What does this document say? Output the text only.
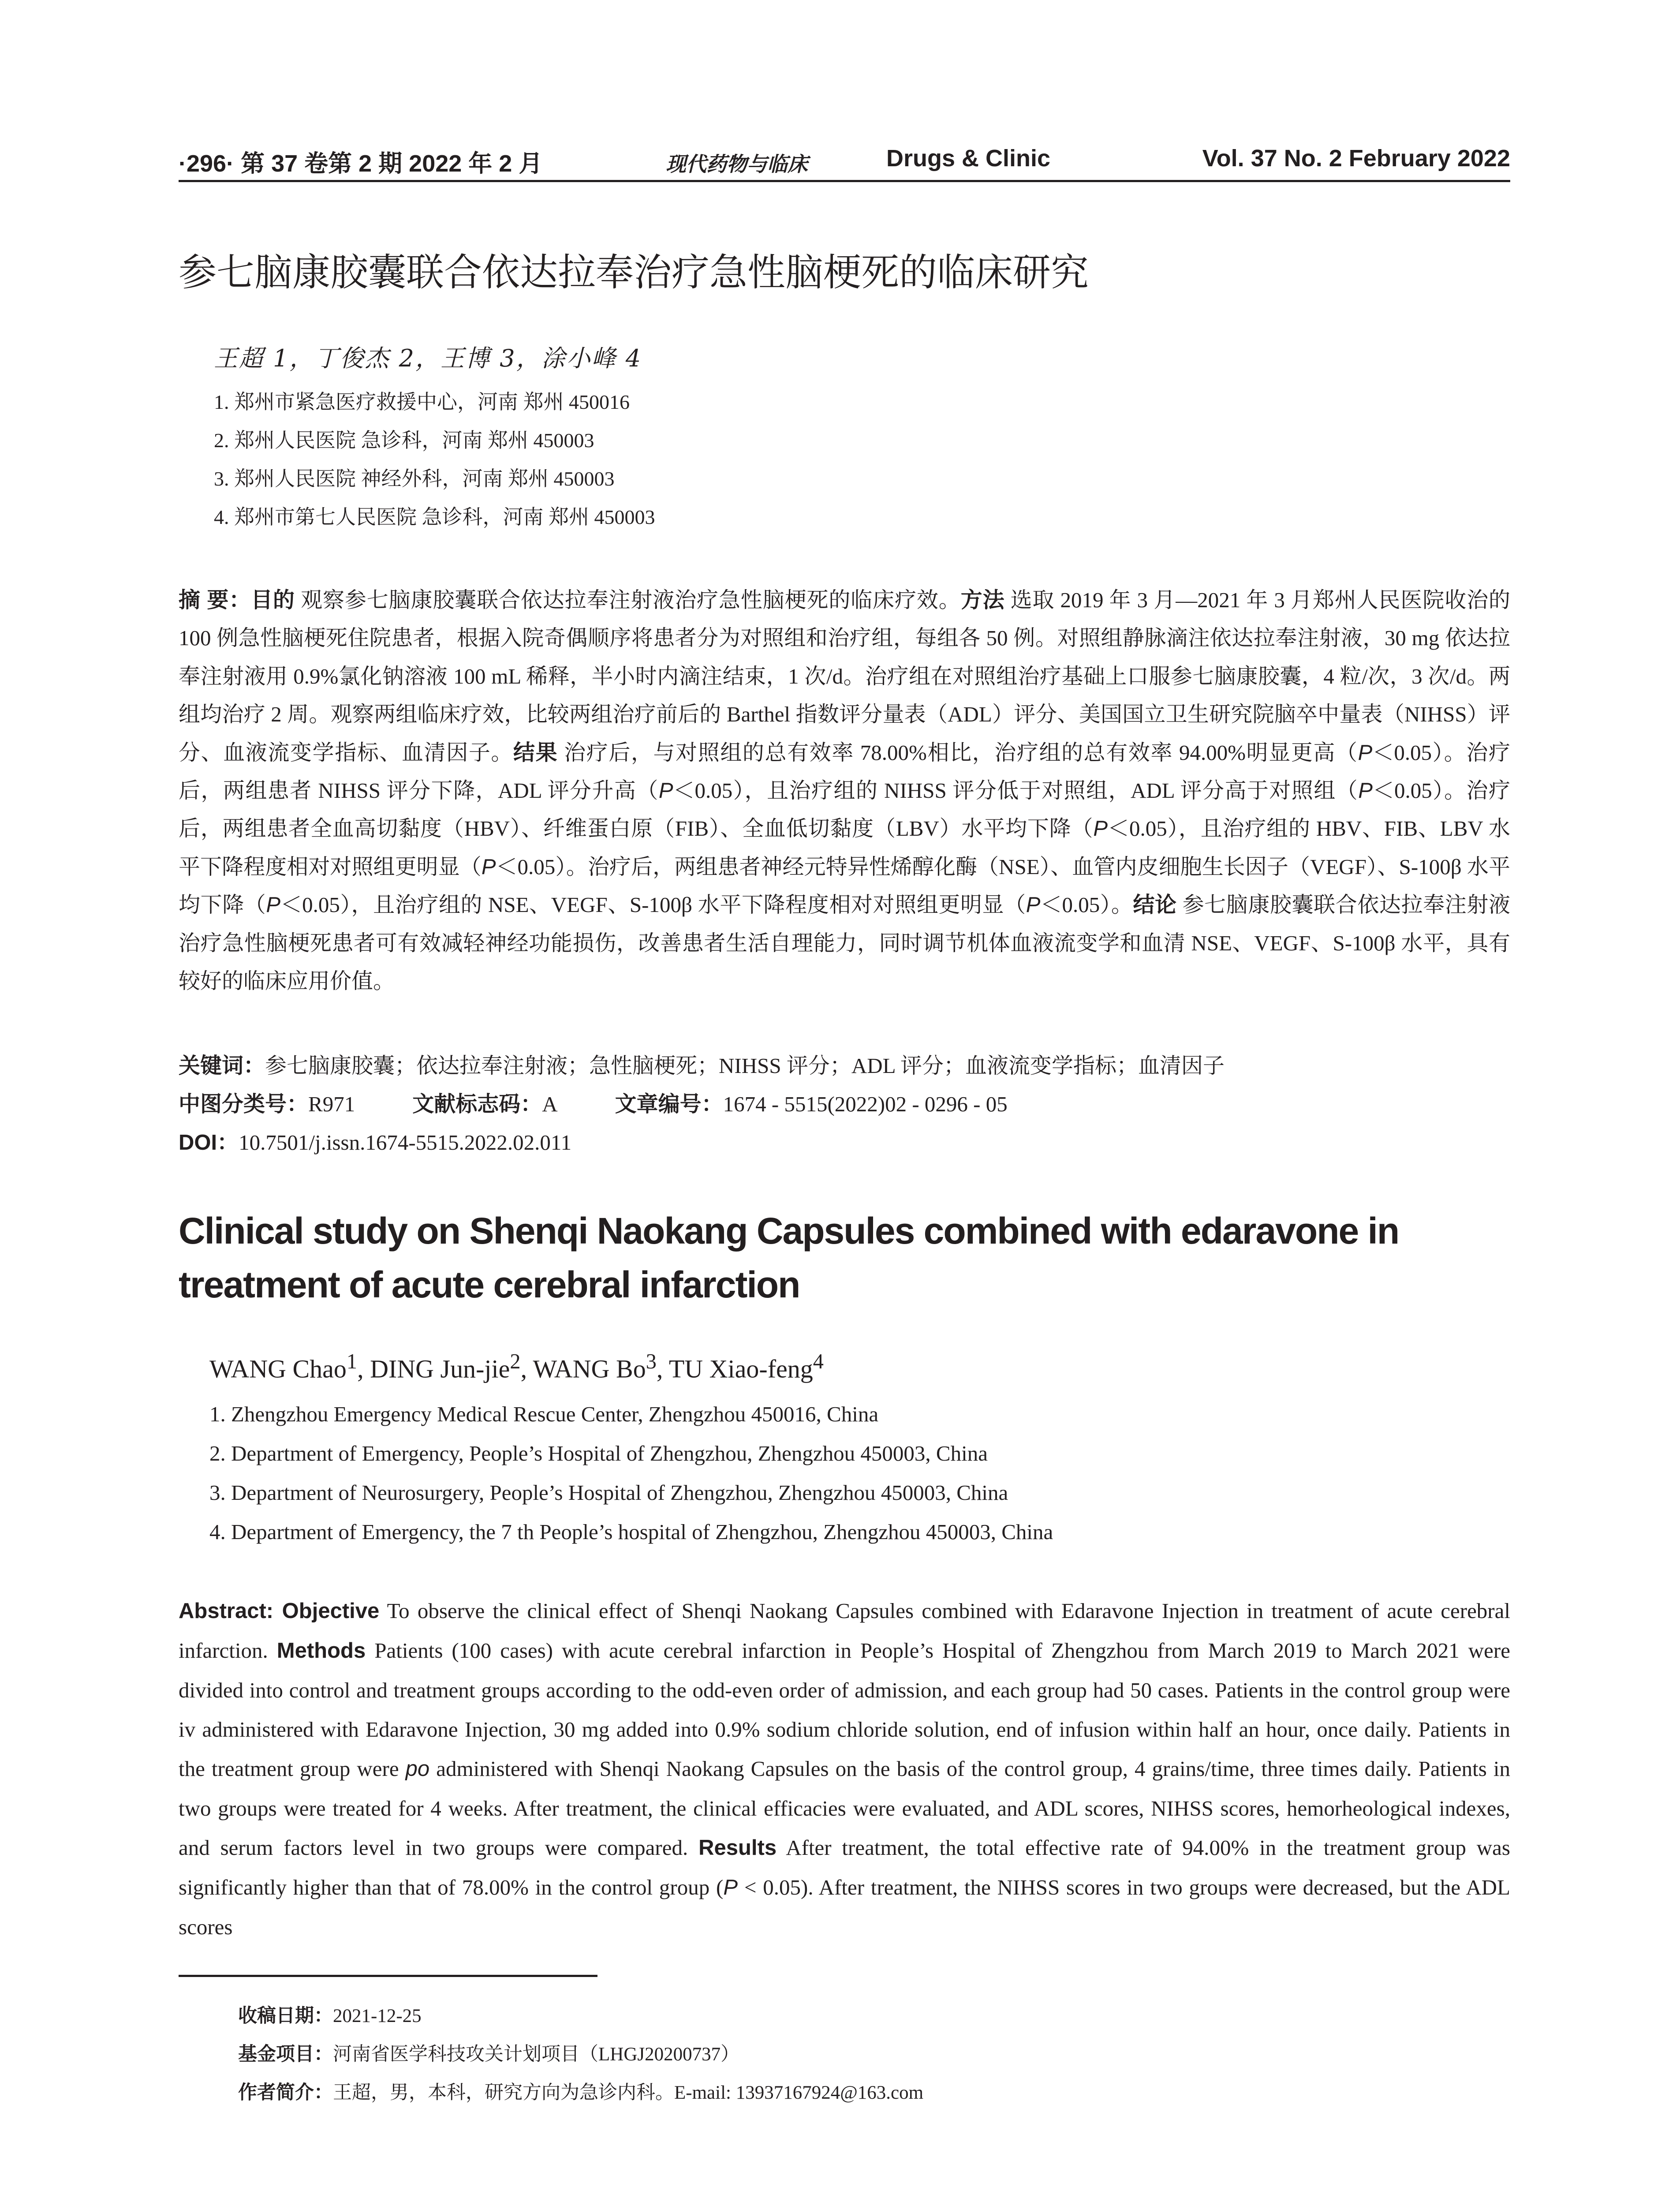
·296· 第 37 卷第 2 期 2022 年 2 月	现代药物与临床	Drugs & Clinic	Vol. 37 No. 2 February 2022
参七脑康胶囊联合依达拉奉治疗急性脑梗死的临床研究
王超 1，丁俊杰 2，王博 3，涂小峰 4
1. 郑州市紧急医疗救援中心，河南 郑州 450016
2. 郑州人民医院 急诊科，河南 郑州 450003
3. 郑州人民医院 神经外科，河南 郑州 450003
4. 郑州市第七人民医院 急诊科，河南 郑州 450003
摘 要：目的 观察参七脑康胶囊联合依达拉奉注射液治疗急性脑梗死的临床疗效。方法 选取 2019 年 3 月—2021 年 3 月郑州人民医院收治的 100 例急性脑梗死住院患者，根据入院奇偶顺序将患者分为对照组和治疗组，每组各 50 例。对照组静脉滴注依达拉奉注射液，30 mg 依达拉奉注射液用 0.9%氯化钠溶液 100 mL 稀释，半小时内滴注结束，1 次/d。治疗组在对照组治疗基础上口服参七脑康胶囊，4 粒/次，3 次/d。两组均治疗 2 周。观察两组临床疗效，比较两组治疗前后的 Barthel 指数评分量表（ADL）评分、美国国立卫生研究院脑卒中量表（NIHSS）评分、血液流变学指标、血清因子。结果 治疗后，与对照组的总有效率 78.00%相比，治疗组的总有效率 94.00%明显更高（P＜0.05）。治疗后，两组患者 NIHSS 评分下降，ADL 评分升高（P＜0.05），且治疗组的 NIHSS 评分低于对照组，ADL 评分高于对照组（P＜0.05）。治疗后，两组患者全血高切黏度（HBV）、纤维蛋白原（FIB）、全血低切黏度（LBV）水平均下降（P＜0.05），且治疗组的 HBV、FIB、LBV 水平下降程度相对对照组更明显（P＜0.05）。治疗后，两组患者神经元特异性烯醇化酶（NSE）、血管内皮细胞生长因子（VEGF）、S-100β 水平均下降（P＜0.05），且治疗组的 NSE、VEGF、S-100β 水平下降程度相对对照组更明显（P＜0.05）。结论 参七脑康胶囊联合依达拉奉注射液治疗急性脑梗死患者可有效减轻神经功能损伤，改善患者生活自理能力，同时调节机体血液流变学和血清 NSE、VEGF、S-100β 水平，具有较好的临床应用价值。
关键词：参七脑康胶囊；依达拉奉注射液；急性脑梗死；NIHSS 评分；ADL 评分；血液流变学指标；血清因子
中图分类号：R971	文献标志码：A	文章编号：1674 - 5515(2022)02 - 0296 - 05
DOI：10.7501/j.issn.1674-5515.2022.02.011
Clinical study on Shenqi Naokang Capsules combined with edaravone in treatment of acute cerebral infarction
WANG Chao$^1$, DING Jun-jie$^2$, WANG Bo$^3$, TU Xiao-feng$^4$
1. Zhengzhou Emergency Medical Rescue Center, Zhengzhou 450016, China
2. Department of Emergency, People’s Hospital of Zhengzhou, Zhengzhou 450003, China
3. Department of Neurosurgery, People’s Hospital of Zhengzhou, Zhengzhou 450003, China
4. Department of Emergency, the 7 th People’s hospital of Zhengzhou, Zhengzhou 450003, China
Abstract: Objective To observe the clinical effect of Shenqi Naokang Capsules combined with Edaravone Injection in treatment of acute cerebral infarction. Methods Patients (100 cases) with acute cerebral infarction in People’s Hospital of Zhengzhou from March 2019 to March 2021 were divided into control and treatment groups according to the odd-even order of admission, and each group had 50 cases. Patients in the control group were iv administered with Edaravone Injection, 30 mg added into 0.9% sodium chloride solution, end of infusion within half an hour, once daily. Patients in the treatment group were po administered with Shenqi Naokang Capsules on the basis of the control group, 4 grains/time, three times daily. Patients in two groups were treated for 4 weeks. After treatment, the clinical efficacies were evaluated, and ADL scores, NIHSS scores, hemorheological indexes, and serum factors level in two groups were compared. Results After treatment, the total effective rate of 94.00% in the treatment group was significantly higher than that of 78.00% in the control group (P < 0.05). After treatment, the NIHSS scores in two groups were decreased, but the ADL scores
收稿日期：2021-12-25
基金项目：河南省医学科技攻关计划项目（LHGJ20200737）
作者简介：王超，男，本科，研究方向为急诊内科。E-mail: 13937167924@163.com
